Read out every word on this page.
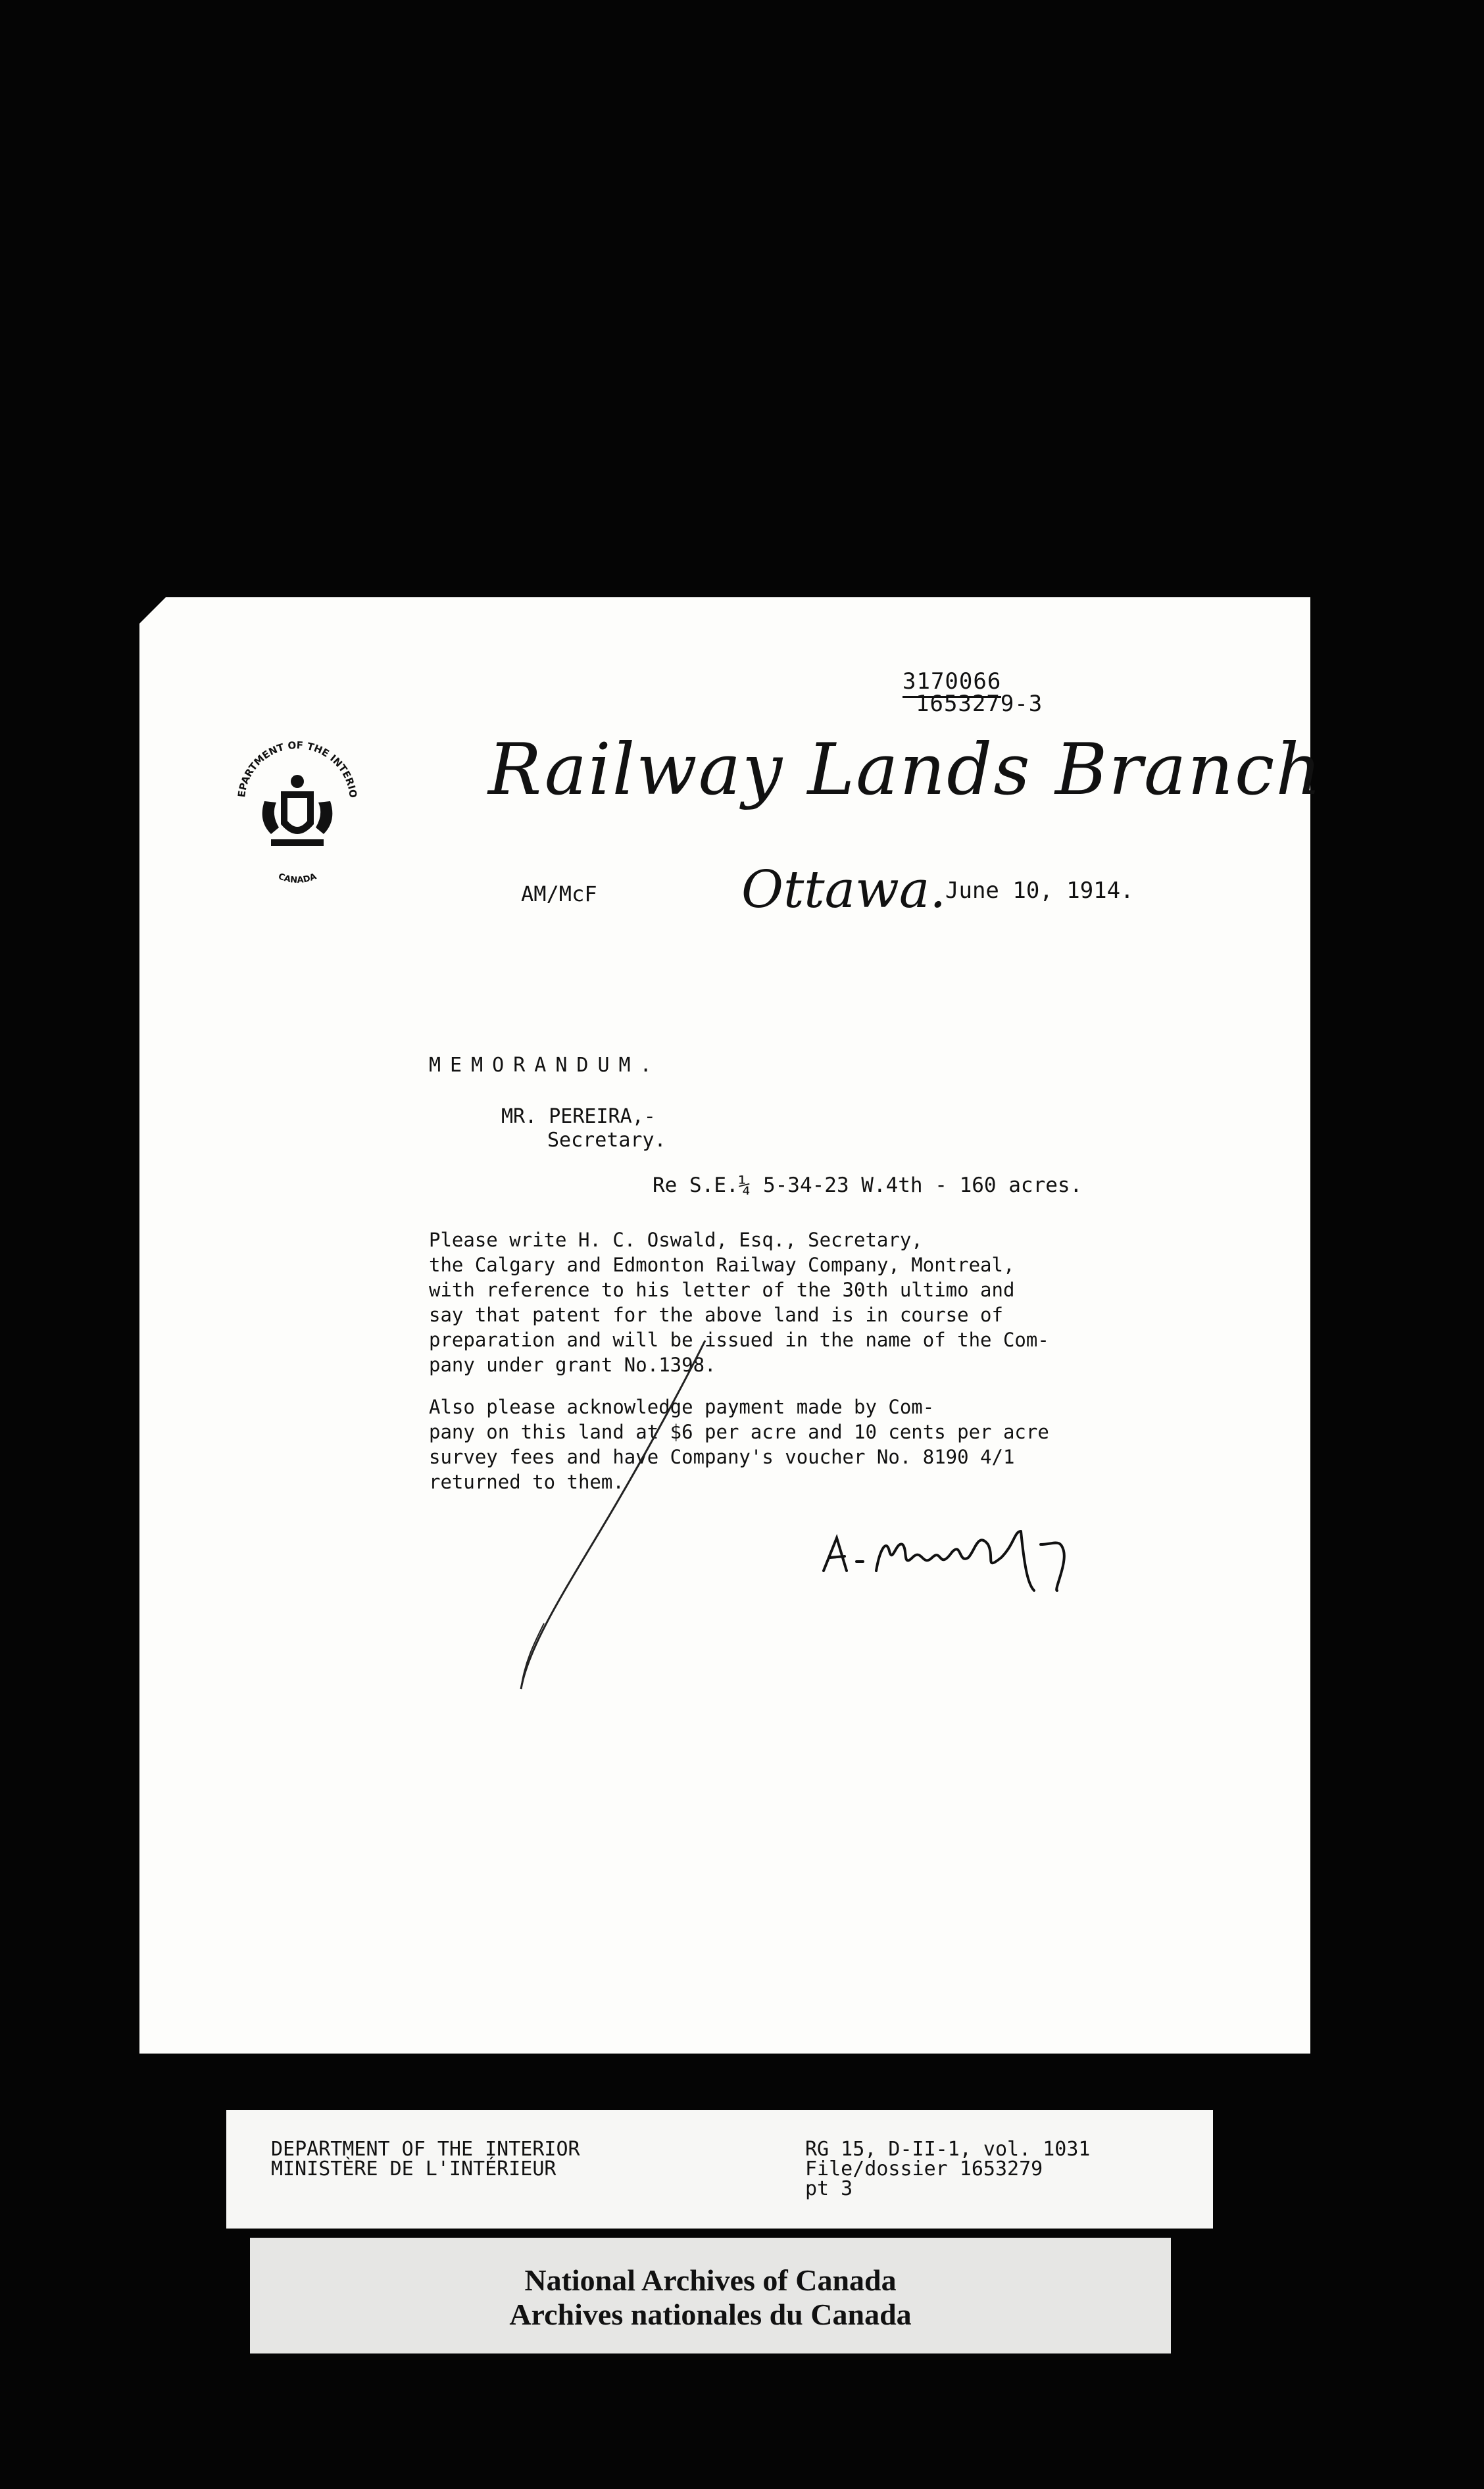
3170066
1653279-3
EPARTMENT OF THE INTERIO
CANADA
Railway Lands Branch
AM/McF	Ottawa.
June 10, 1914.
MEMORANDUM.
MR. PEREIRA,-
Secretary.
Re S.E.¼ 5-34-23 W.4th - 160 acres.
Please write H. C. Oswald, Esq., Secretary,
the Calgary and Edmonton Railway Company, Montreal,
with reference to his letter of the 30th ultimo and
say that patent for the above land is in course of
preparation and will be issued in the name of the Com-
pany under grant No.1398.
Also please acknowledge payment made by Com-
pany on this land at $6 per acre and 10 cents per acre
survey fees and have Company's voucher No. 8190 4/1
returned to them.
DEPARTMENT OF THE INTERIOR
MINISTÈRE DE L'INTÉRIEUR
RG 15, D-II-1, vol. 1031
File/dossier 1653279
pt 3
National Archives of Canada
Archives nationales du Canada
